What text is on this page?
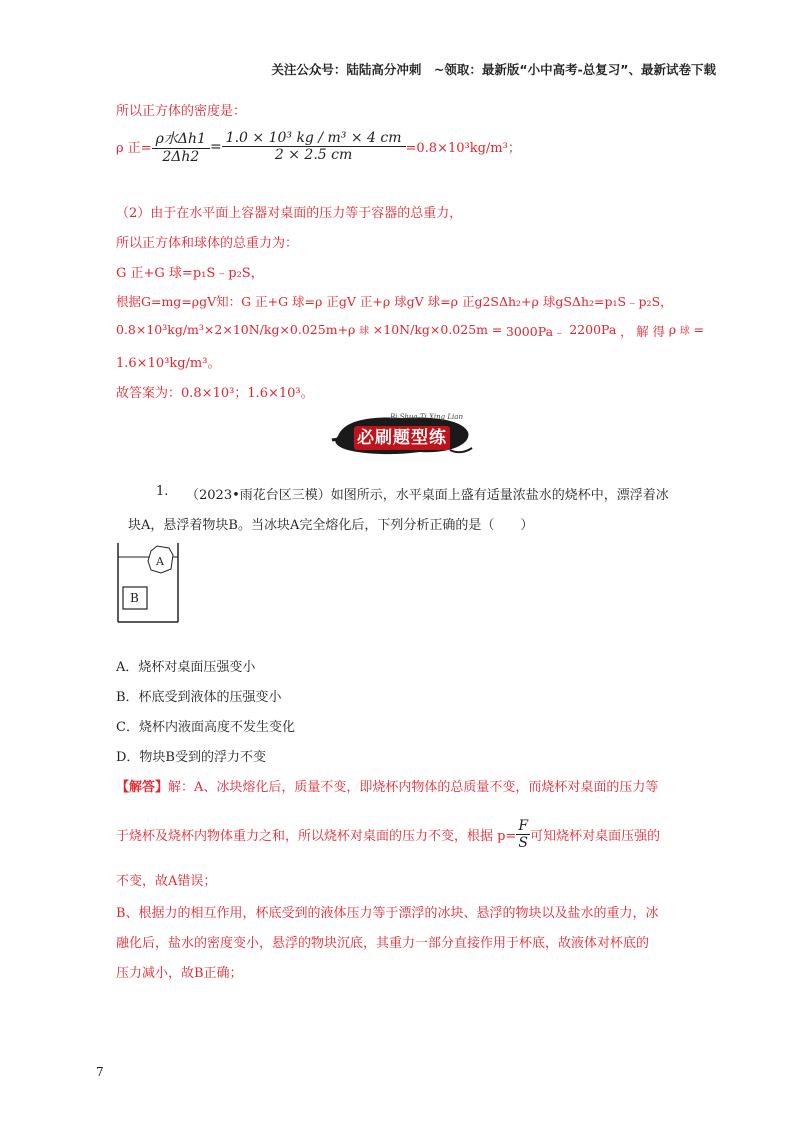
关注公众号：陆陆高分冲刺　~领取：最新版“小中高考-总复习”、最新试卷下载
所以正方体的密度是：
ρ 正= $\frac{\text{ρ水Δh1}}{2\Delta h2} = \frac{\text{1.0 × 10³ kg / m³ × 4 cm}}{2 \times 2.5 cm} =0.8\times 10^3kg/m^3$；
（2）由于在水平面上容器对桌面的压力等于容器的总重力，
所以正方体和球体的总重力为：
G 正+G 球=p₁S﹣p₂S，
根据G=mg=ρgV知：G 正+G 球=ρ 正gV 正+ρ 球gV 球=ρ 正g2SΔh₂+ρ 球gSΔh₂=p₁S﹣p₂S，
0.8×10³kg/m³×2×10N/kg×0.025m+ρ 球 ×10N/kg×0.025m = 3000Pa﹣ 2200Pa ， 解 得 ρ 球 =
1.6×10³kg/m³。
故答案为：0.8×10³；1.6×10³。
必刷题型练
Bi Shua Ti Xing Lian
1. （2023•雨花台区三模）如图所示，水平桌面上盛有适量浓盐水的烧杯中，漂浮着冰
块A，悬浮着物块B。当冰块A完全熔化后，下列分析正确的是（　　）
A
B
A．烧杯对桌面压强变小
B．杯底受到液体的压强变小
C．烧杯内液面高度不发生变化
D．物块B受到的浮力不变
【解答】解：A、冰块熔化后，质量不变，即烧杯内物体的总质量不变，而烧杯对桌面的压力等
于烧杯及烧杯内物体重力之和，所以烧杯对桌面的压力不变，根据 $p= \frac{F}{S}$ 可知烧杯对桌面压强的
不变，故A错误；
B、根据力的相互作用，杯底受到的液体压力等于漂浮的冰块、悬浮的物块以及盐水的重力，冰
融化后，盐水的密度变小，悬浮的物块沉底，其重力一部分直接作用于杯底，故液体对杯底的
压力减小，故B正确；
7
